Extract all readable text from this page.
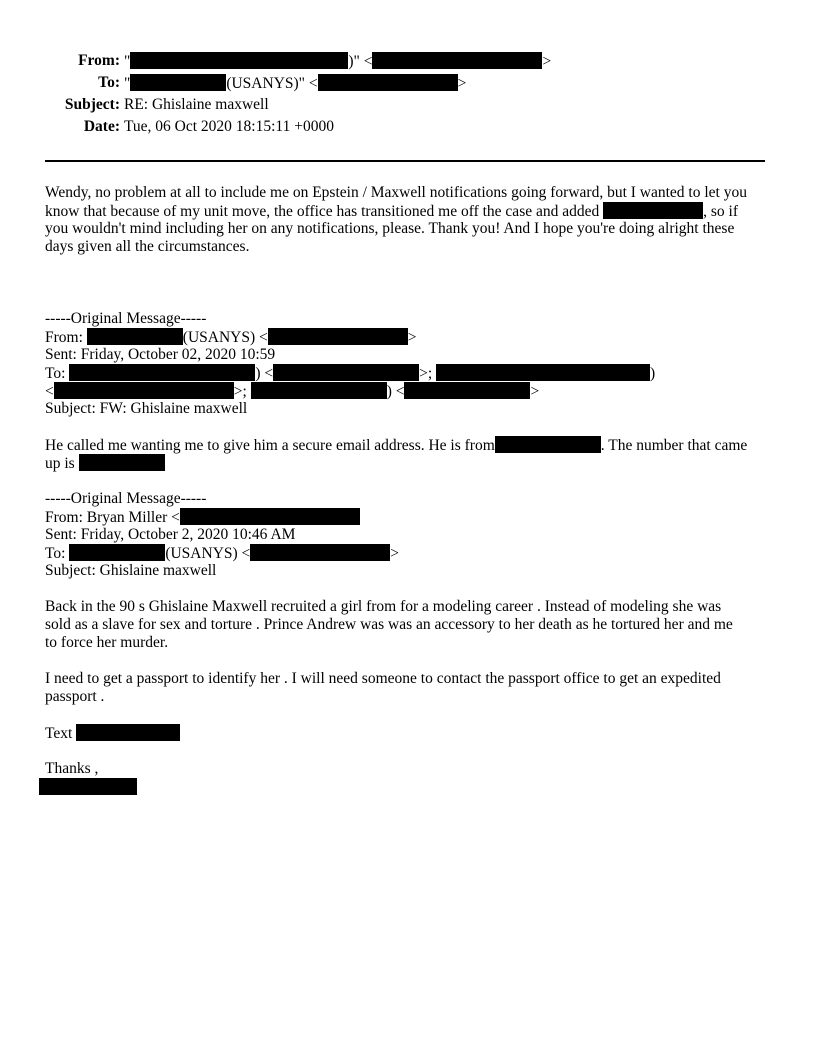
From: "	)" <	>
To: "	(USANYS)" <	>
Subject: RE: Ghislaine maxwell
Date: Tue, 06 Oct 2020 18:15:11 +0000
Wendy, no problem at all to include me on Epstein / Maxwell notifications going forward, but I wanted to let you
know that because of my unit move, the office has transitioned me off the case and added	, so if
you wouldn't mind including her on any notifications, please. Thank you! And I hope you're doing alright these
days given all the circumstances.
-----Original Message-----
From:	(USANYS) <	>
Sent: Friday, October 02, 2020 10:59
To:	) <	>;	)
<	>;	) <	>
Subject: FW: Ghislaine maxwell
He called me wanting me to give him a secure email address. He is from	. The number that came
up is
-----Original Message-----
From: Bryan Miller <
Sent: Friday, October 2, 2020 10:46 AM
To:	(USANYS) <	>
Subject: Ghislaine maxwell
Back in the 90 s Ghislaine Maxwell recruited a girl from for a modeling career . Instead of modeling she was
sold as a slave for sex and torture . Prince Andrew was was an accessory to her death as he tortured her and me
to force her murder.
I need to get a passport to identify her . I will need someone to contact the passport office to get an expedited
passport .
Text
Thanks ,
